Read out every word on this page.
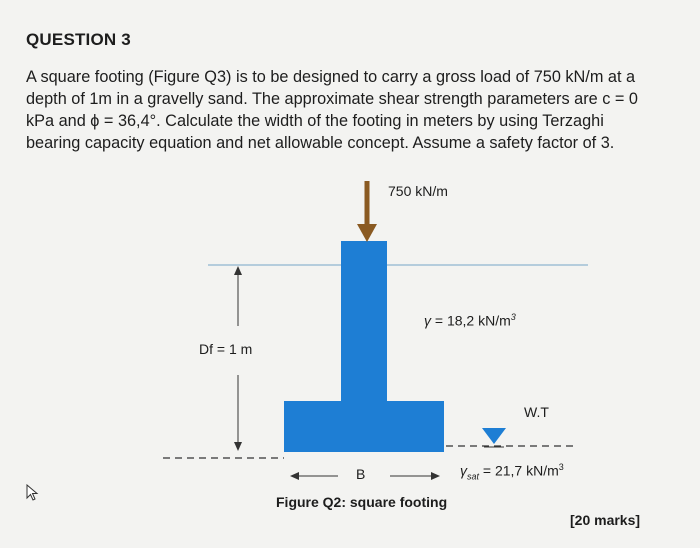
QUESTION 3
A square footing (Figure Q3) is to be designed to carry a gross load of 750 kN/m at a
depth of 1m in a gravelly sand. The approximate shear strength parameters are c = 0
kPa and ϕ = 36,4°. Calculate the width of the footing in meters by using Terzaghi
bearing capacity equation and net allowable concept. Assume a safety factor of 3.
750 kN/m
γ = 18,2 $kN/m^3$
Df = 1 m
W.T
B	$\gamma_{sat} = 21,7$ $kN/m^3$
Figure Q2: square footing
[20 marks]
